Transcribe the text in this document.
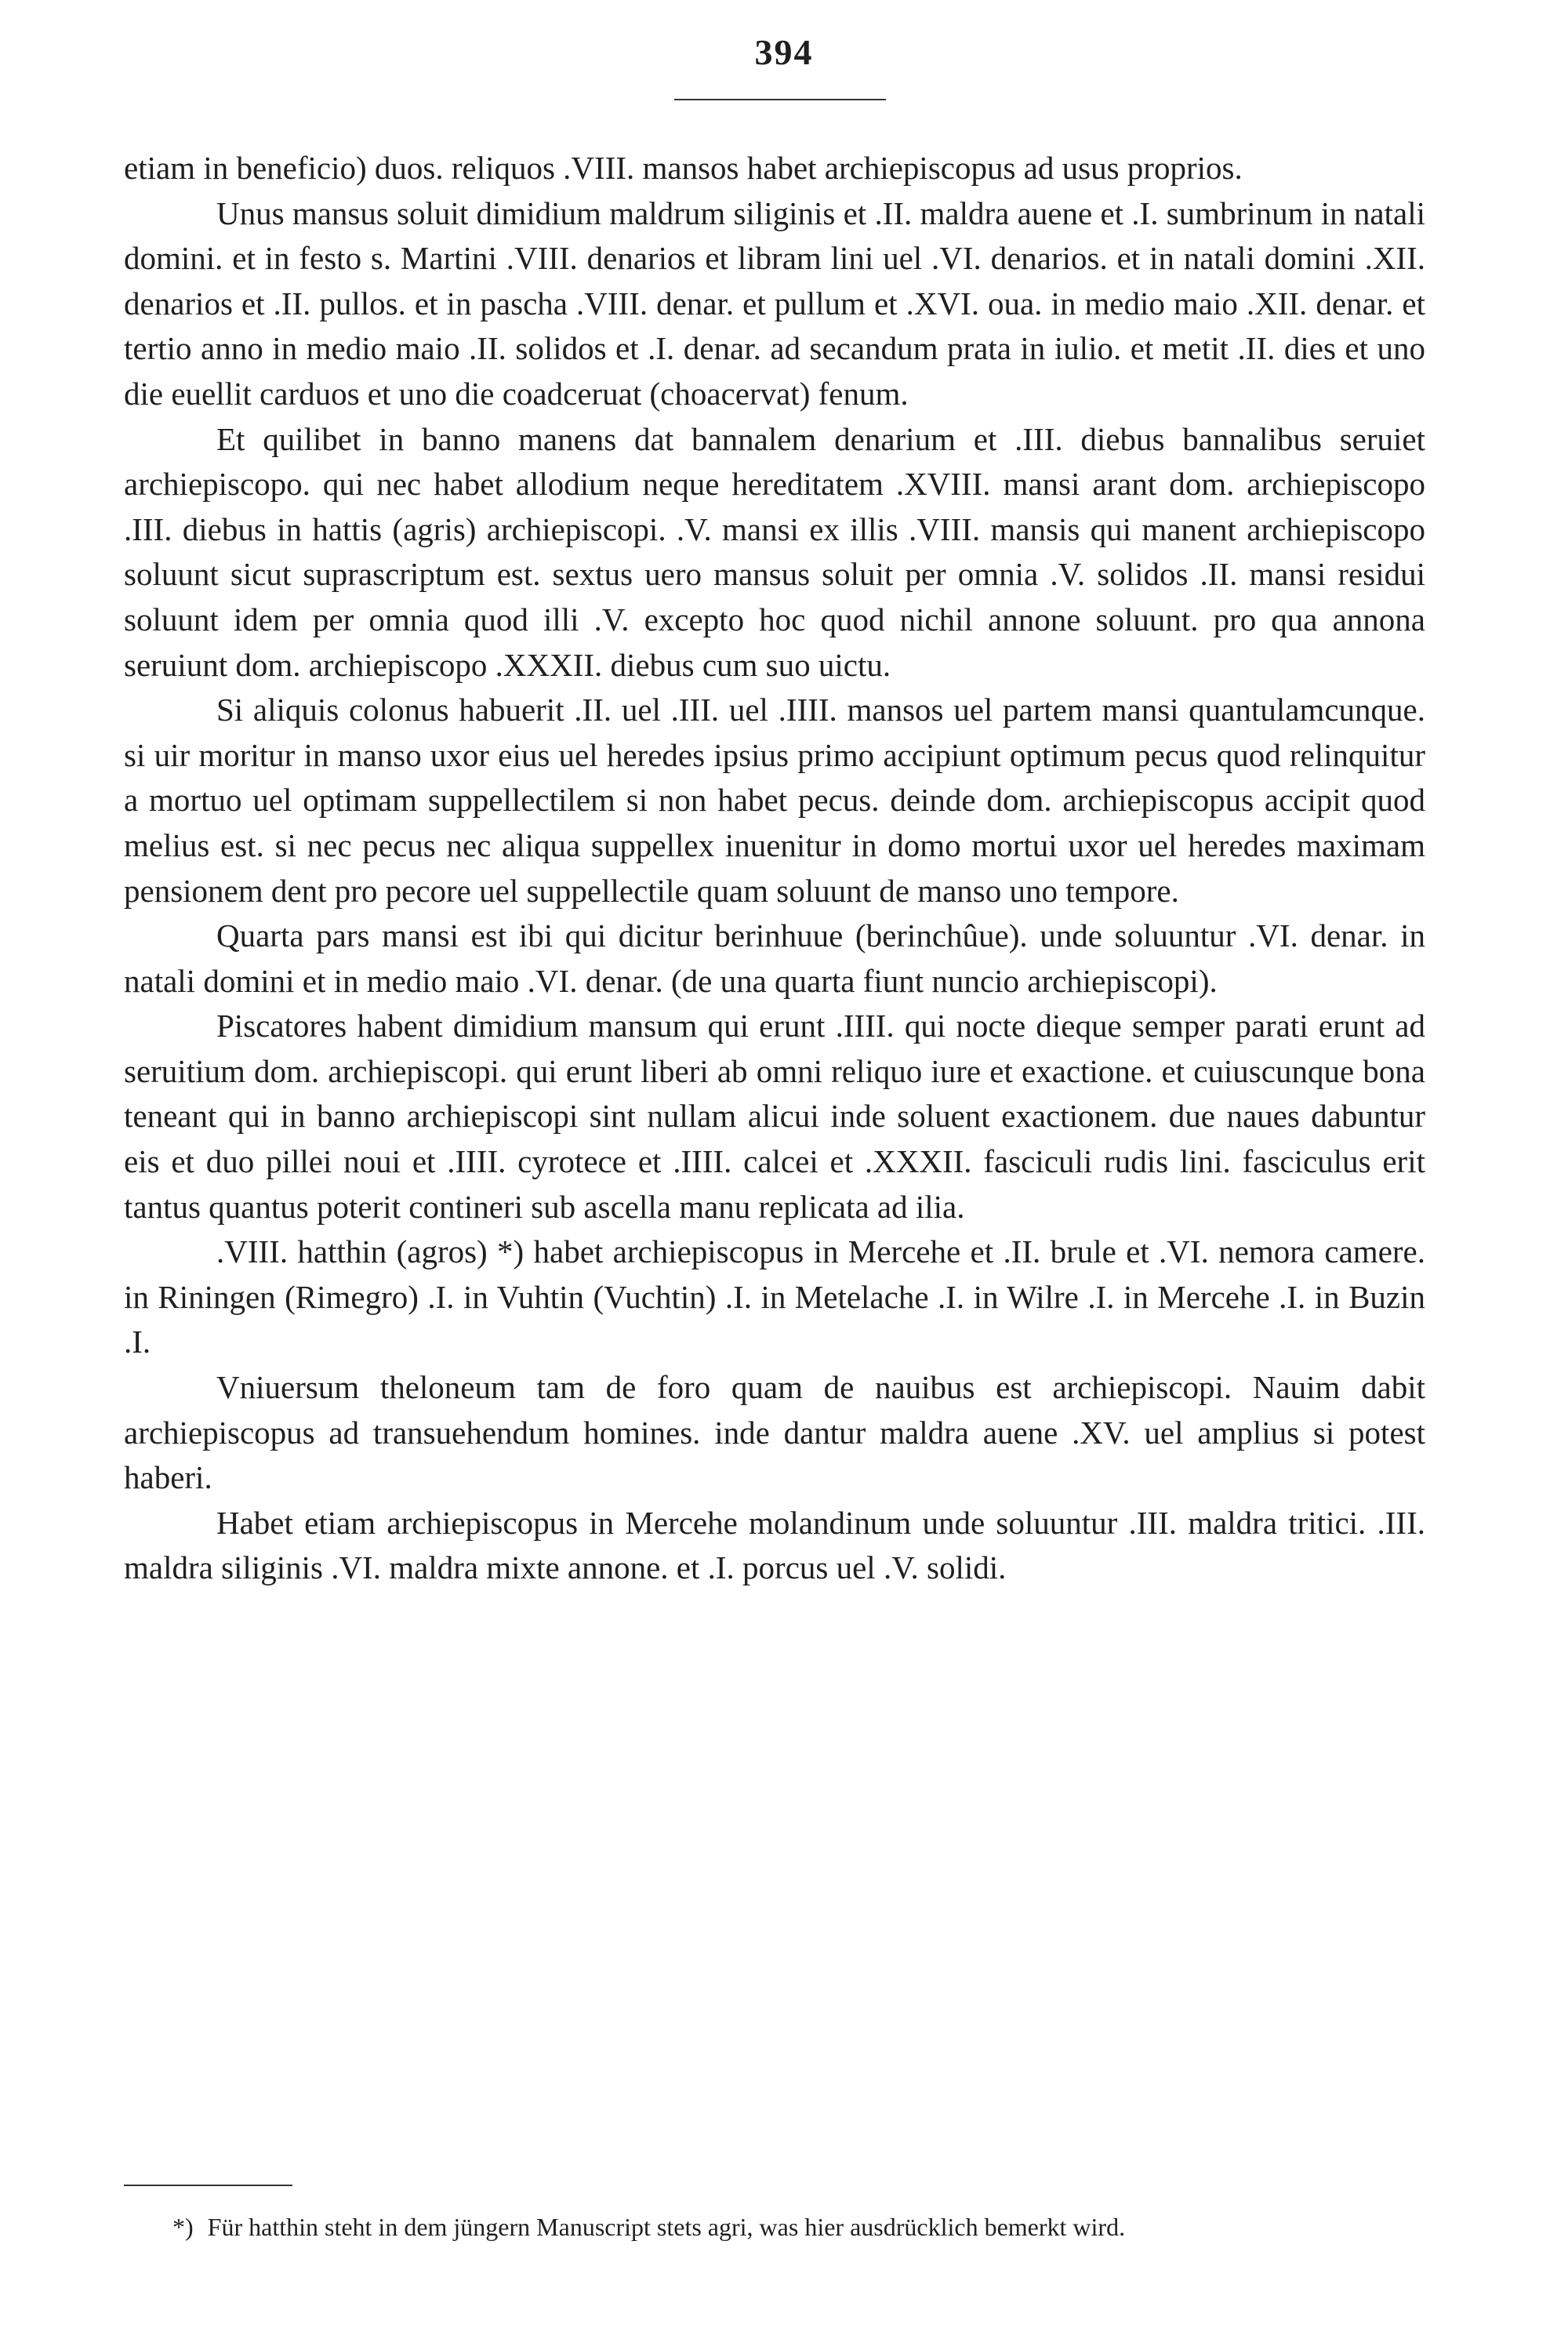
394

etiam in beneficio) duos. reliquos .VIII. mansos habet archiepiscopus ad usus proprios.

Unus mansus soluit dimidium maldrum siliginis et .II. maldra auene et .I. sumbrinum in natali domini. et in festo s. Martini .VIII. denarios et libram lini uel .VI. denarios. et in natali domini .XII. denarios et .II. pullos. et in pascha .VIII. denar. et pullum et .XVI. oua. in medio maio .XII. denar. et tertio anno in medio maio .II. solidos et .I. denar. ad secandum prata in iulio. et metit .II. dies et uno die euellit carduos et uno die coadceruat (choacervat) fenum.

Et quilibet in banno manens dat bannalem denarium et .III. diebus bannalibus seruiet archiepiscopo. qui nec habet allodium neque hereditatem .XVIII. mansi arant dom. archiepiscopo .III. diebus in hattis (agris) archiepiscopi. .V. mansi ex illis .VIII. mansis qui manent archiepiscopo soluunt sicut suprascriptum est. sextus uero mansus soluit per omnia .V. solidos .II. mansi residui soluunt idem per omnia quod illi .V. excepto hoc quod nichil annone soluunt. pro qua annona seruiunt dom. archiepiscopo .XXXII. diebus cum suo uictu.

Si aliquis colonus habuerit .II. uel .III. uel .IIII. mansos uel partem mansi quantulamcunque. si uir moritur in manso uxor eius uel heredes ipsius primo accipiunt optimum pecus quod relinquitur a mortuo uel optimam suppellectilem si non habet pecus. deinde dom. archiepiscopus accipit quod melius est. si nec pecus nec aliqua suppellex inuenitur in domo mortui uxor uel heredes maximam pensionem dent pro pecore uel suppellectile quam soluunt de manso uno tempore.

Quarta pars mansi est ibi qui dicitur berinhuue (berinchûue). unde soluuntur .VI. denar. in natali domini et in medio maio .VI. denar. (de una quarta fiunt nuncio archiepiscopi).

Piscatores habent dimidium mansum qui erunt .IIII. qui nocte dieque semper parati erunt ad seruitium dom. archiepiscopi. qui erunt liberi ab omni reliquo iure et exactione. et cuiuscunque bona teneant qui in banno archiepiscopi sint nullam alicui inde soluent exactionem. due naues dabuntur eis et duo pillei noui et .IIII. cyrotece et .IIII. calcei et .XXXII. fasciculi rudis lini. fasciculus erit tantus quantus poterit contineri sub ascella manu replicata ad ilia.

.VIII. hatthin (agros) *) habet archiepiscopus in Mercehe et .II. brule et .VI. nemora camere. in Riningen (Rimegro) .I. in Vuhtin (Vuchtin) .I. in Metelache .I. in Wilre .I. in Mercehe .I. in Buzin .I.

Vniuersum theloneum tam de foro quam de nauibus est archiepiscopi. Nauim dabit archiepiscopus ad transuehendum homines. inde dantur maldra auene .XV. uel amplius si potest haberi.

Habet etiam archiepiscopus in Mercehe molandinum unde soluuntur .III. maldra tritici. .III. maldra siliginis .VI. maldra mixte annone. et .I. porcus uel .V. solidi.

*) Für hatthin steht in dem jüngern Manuscript stets agri, was hier ausdrücklich bemerkt wird.
